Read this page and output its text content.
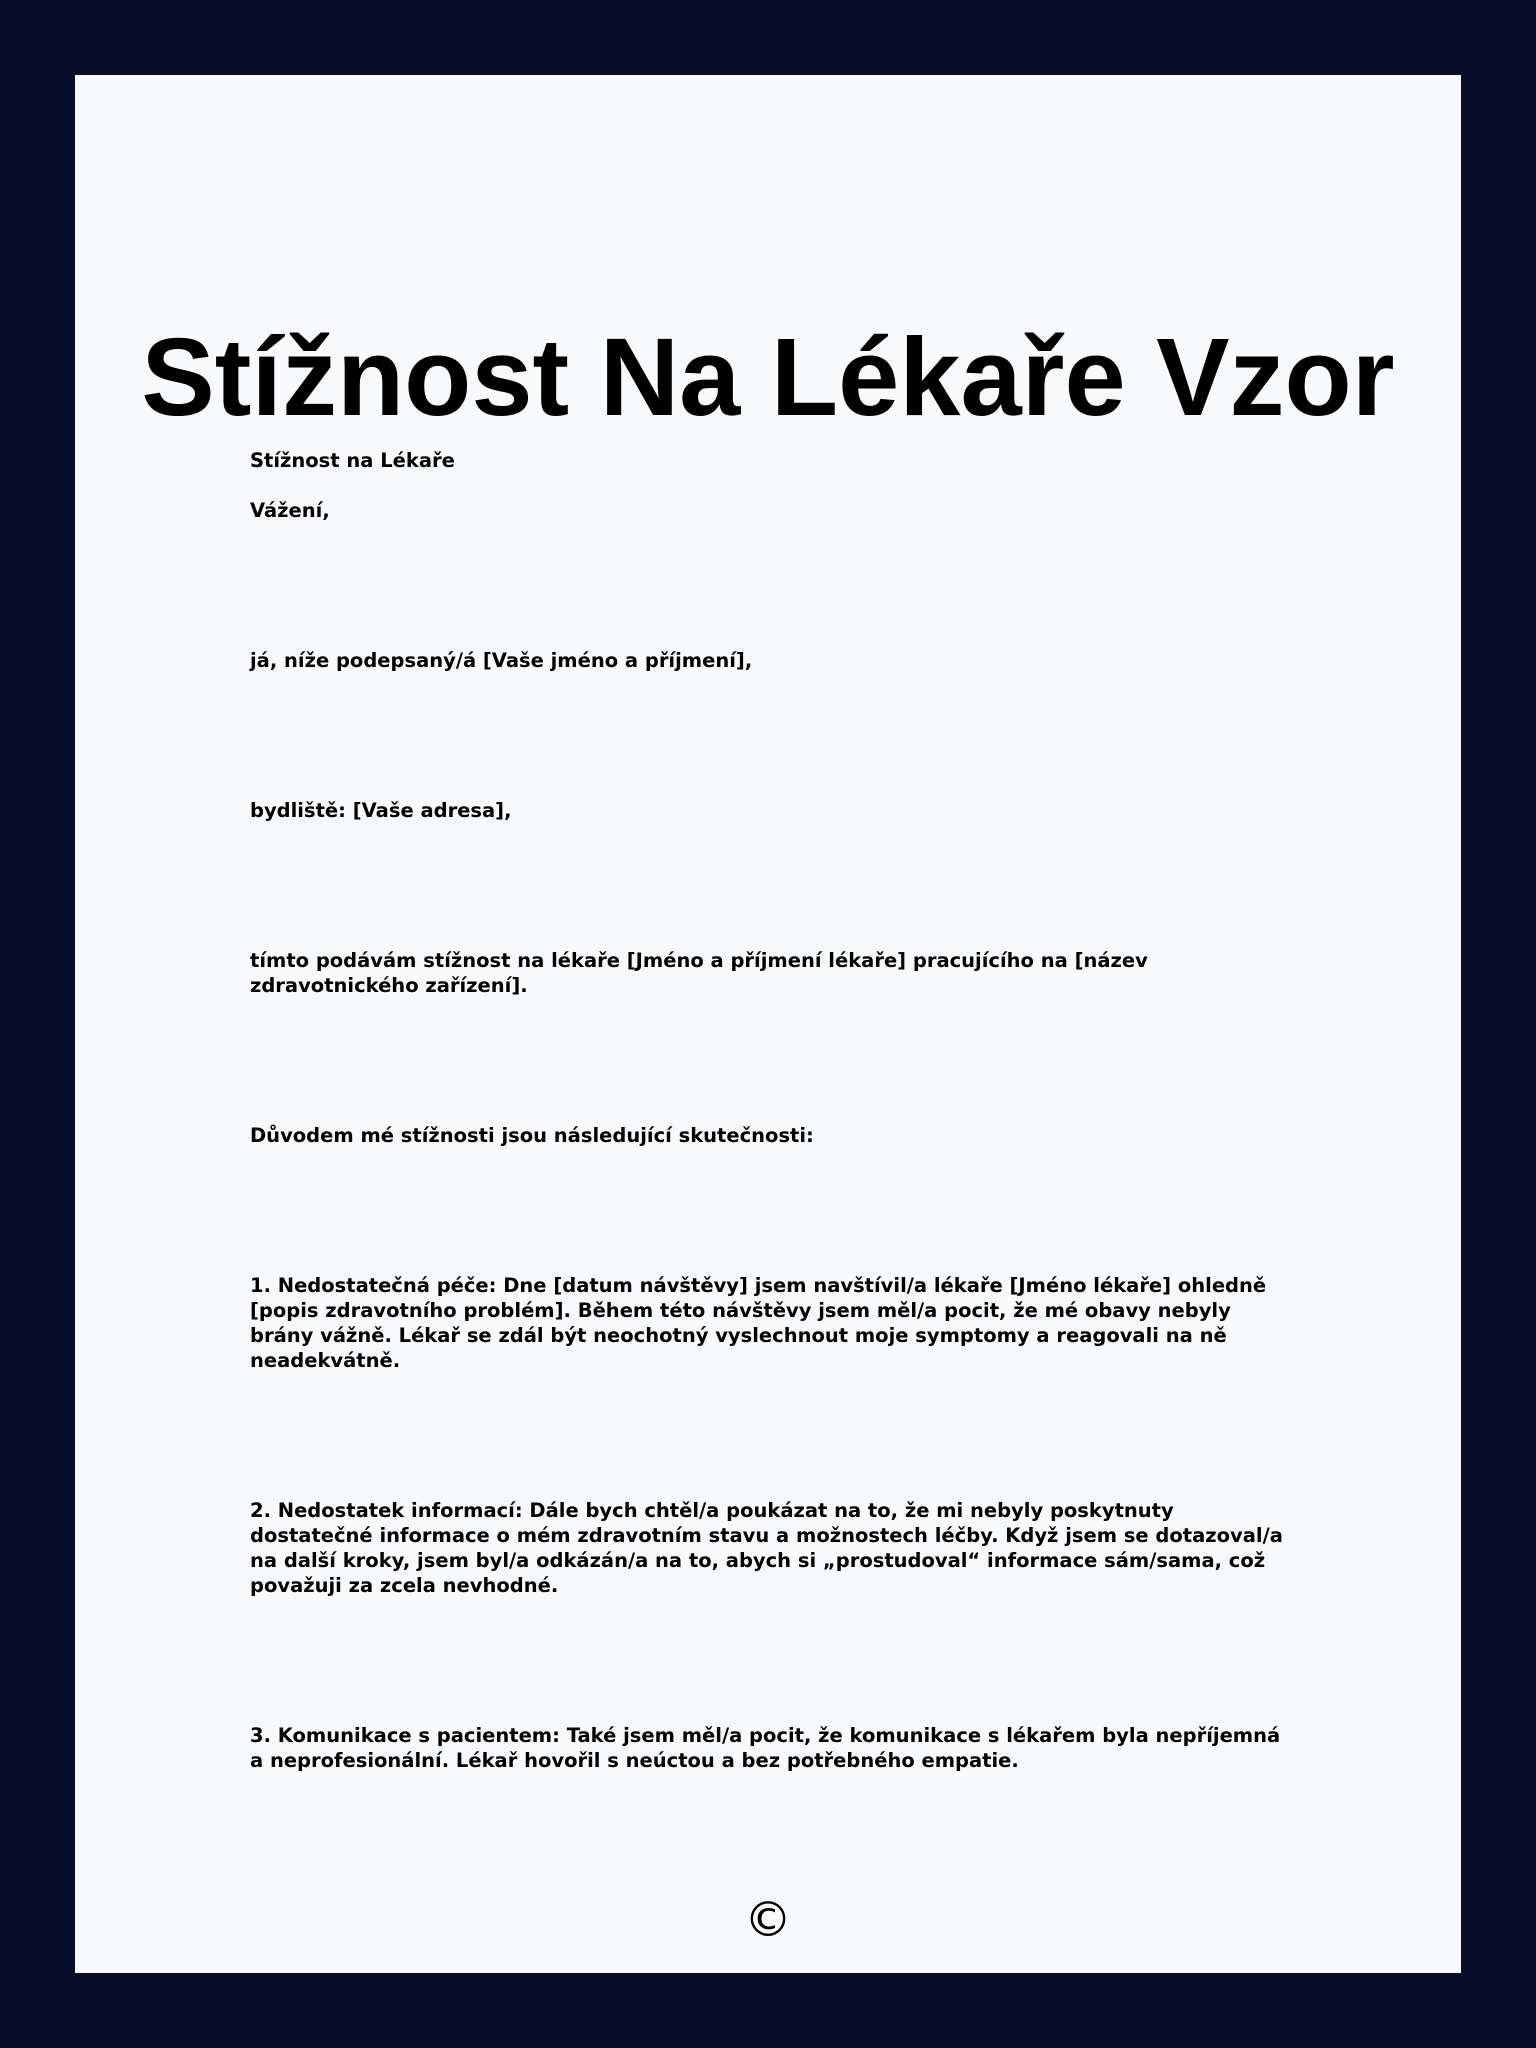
Stížnost Na Lékaře Vzor

Stížnost na Lékaře

Vážení,

já, níže podepsaný/á [Vaše jméno a příjmení],

bydliště: [Vaše adresa],

tímto podávám stížnost na lékaře [Jméno a příjmení lékaře] pracujícího na [název zdravotnického zařízení].

Důvodem mé stížnosti jsou následující skutečnosti:

1. Nedostatečná péče: Dne [datum návštěvy] jsem navštívil/a lékaře [Jméno lékaře] ohledně [popis zdravotního problém]. Během této návštěvy jsem měl/a pocit, že mé obavy nebyly brány vážně. Lékař se zdál být neochotný vyslechnout moje symptomy a reagovali na ně neadekvátně.

2. Nedostatek informací: Dále bych chtěl/a poukázat na to, že mi nebyly poskytnuty dostatečné informace o mém zdravotním stavu a možnostech léčby. Když jsem se dotazoval/a na další kroky, jsem byl/a odkázán/a na to, abych si „prostudoval“ informace sám/sama, což považuji za zcela nevhodné.

3. Komunikace s pacientem: Také jsem měl/a pocit, že komunikace s lékařem byla nepříjemná a neprofesionální. Lékař hovořil s neúctou a bez potřebného empatie.

©
